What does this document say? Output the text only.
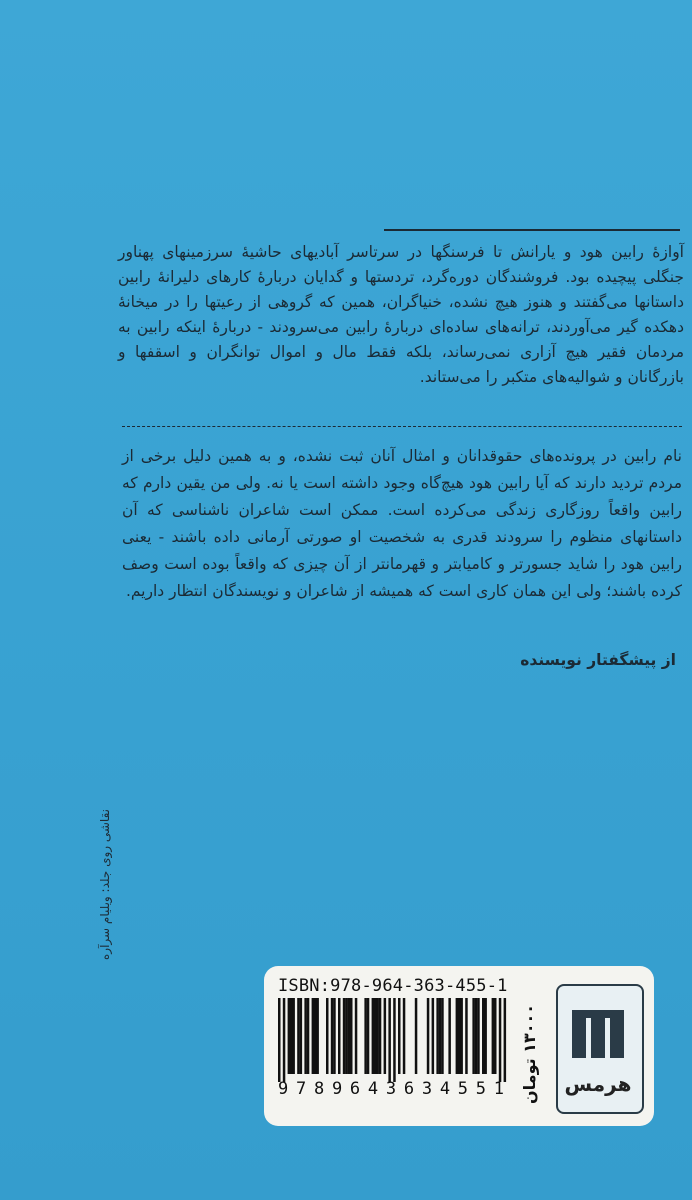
آوازهٔ رابین هود و یارانش تا فرسنگها در سرتاسر آبادیهای حاشیهٔ سرزمینهای پهناور جنگلی پیچیده بود. فروشندگان دوره‌گرد، تردستها و گدایان دربارهٔ کارهای دلیرانهٔ رابین داستانها می‌گفتند و هنوز هیچ نشده، خنیاگران، همین که گروهی از رعیتها را در میخانهٔ دهکده گیر می‌آوردند، ترانه‌های ساده‌ای دربارهٔ رابین می‌سرودند - دربارهٔ اینکه رابین به مردمان فقیر هیچ آزاری نمی‌رساند، بلکه فقط مال و اموال توانگران و اسقفها و بازرگانان و شوالیه‌های متکبر را می‌ستاند.

نام رابین در پرونده‌های حقوقدانان و امثال آنان ثبت نشده، و به همین دلیل برخی از مردم تردید دارند که آیا رابین هود هیچ‌گاه وجود داشته است یا نه. ولی من یقین دارم که رابین واقعاً روزگاری زندگی می‌کرده است. ممکن است شاعران ناشناسی که آن داستانهای منظوم را سرودند قدری به شخصیت او صورتی آرمانی داده باشند - یعنی رابین هود را شاید جسورتر و کامیابتر و قهرمانتر از آن چیزی که واقعاً بوده است وصف کرده باشند؛ ولی این همان کاری است که همیشه از شاعران و نویسندگان انتظار داریم.

از پیشگفتار نویسنده

نقاشی روی جلد: ویلیام سرآره
ISBN:978-964-363-455-1
9789643634551 ۱۳۰۰۰ تومان
هرمس
